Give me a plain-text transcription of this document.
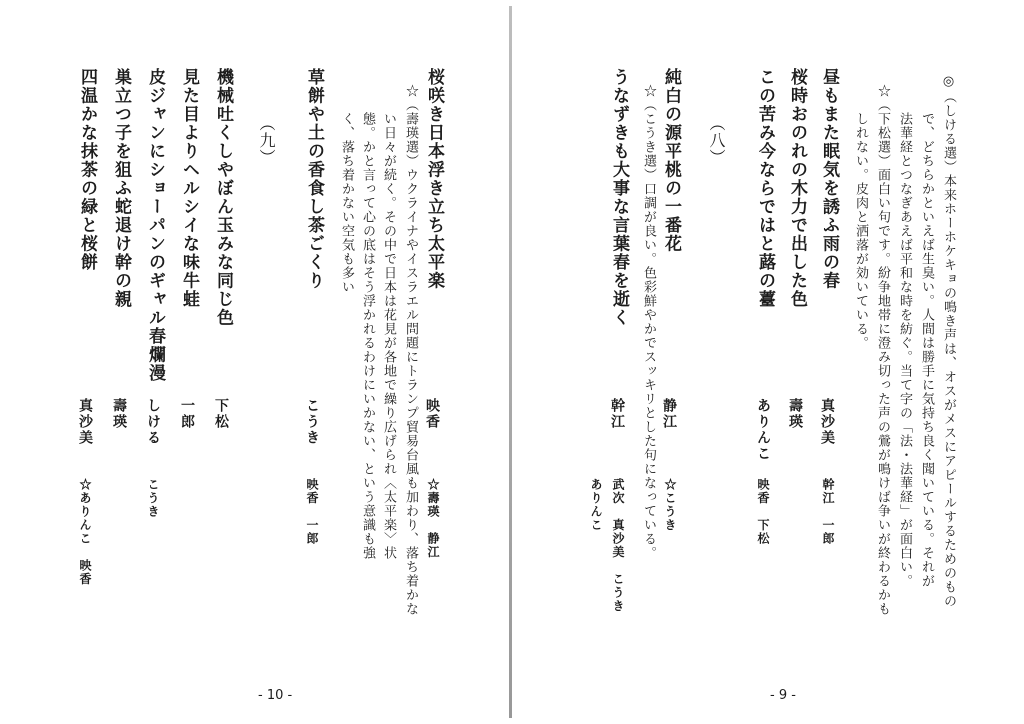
桜咲き日本浮き立ち太平楽
映香
☆壽瑛　静江
☆（壽瑛選）ウクライナやイスラエル問題にトランプ貿易台風も加わり、落ち着かな
い日々が続く。その中で日本は花見が各地で繰り広げられ〈太平楽〉状
態。かと言って心の底はそう浮かれるわけにいかない、という意識も強
く、落ち着かない空気も多い
草餅や土の香食し茶ごくり
こうき
映香　一郎
（九）
機械吐くしやぼん玉みな同じ色
下松
見た目よりヘルシイな味牛蛙
一郎
皮ジャンにショーパンのギャル春爛漫
しける
こうき
巣立つ子を狙ふ蛇退け幹の親
壽瑛
四温かな抹茶の緑と桜餅
真沙美
☆ありんこ　映香
- 10 -
◎（しける選）本来ホーホケキョの鳴き声は、オスがメスにアピールするためのもの
で、どちらかといえば生臭い。人間は勝手に気持ち良く聞いている。それが
法華経とつなぎあえば平和な時を紡ぐ。当て字の「法・法華経」が面白い。
☆（下松選）面白い句です。紛争地帯に澄み切った声の鶯が鳴けば争いが終わるかも
しれない。皮肉と洒落が効いている。
昼もまた眠気を誘ふ雨の春
真沙美
幹江　一郎
桜時おのれの木力で出した色
壽瑛
この苦み今ならではと蕗の薹
ありんこ
映香　下松
（八）
純白の源平桃の一番花
静江
☆こうき
☆（こうき選）口調が良い。色彩鮮やかでスッキリとした句になっている。
うなずきも大事な言葉春を逝く
幹江
武次　真沙美　こうき
ありんこ
- 9 -
